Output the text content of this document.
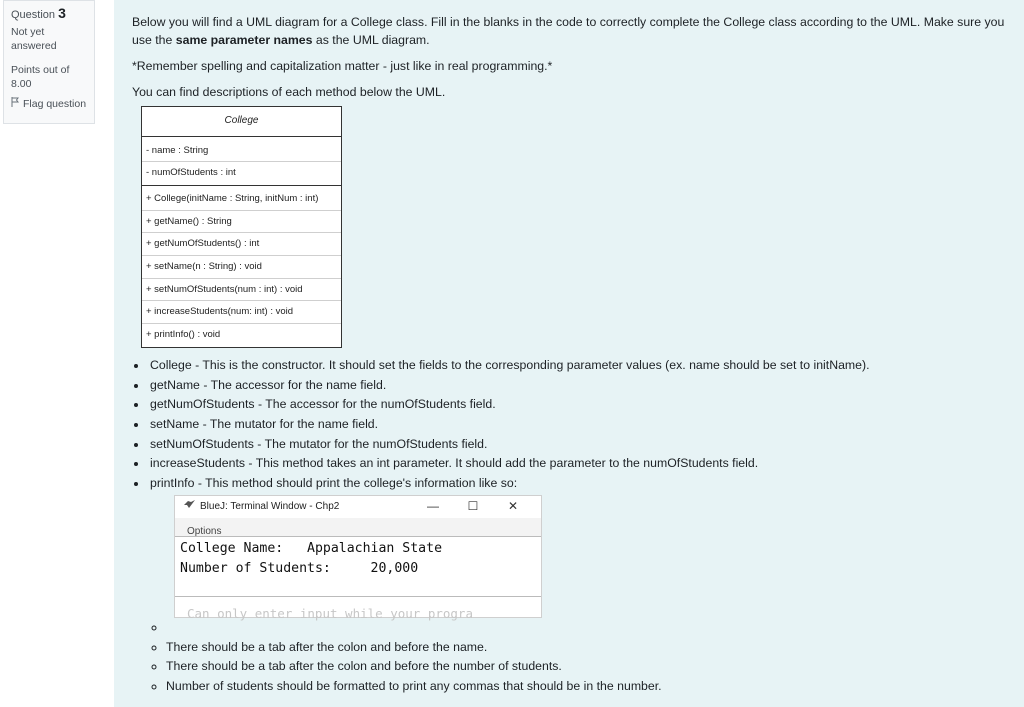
Question 3
Not yet answered
Points out of
8.00
Flag question

Below you will find a UML diagram for a College class. Fill in the blanks in the code to correctly complete the College class according to the UML. Make sure you use the same parameter names as the UML diagram.

*Remember spelling and capitalization matter - just like in real programming.*

You can find descriptions of each method below the UML.

College
- name : String
- numOfStudents : int
+ College(initName : String, initNum : int)
+ getName() : String
+ getNumOfStudents() : int
+ setName(n : String) : void
+ setNumOfStudents(num : int) : void
+ increaseStudents(num: int) : void
+ printInfo() : void
• College - This is the constructor. It should set the fields to the corresponding parameter values (ex. name should be set to initName).
• getName - The accessor for the name field.
• getNumOfStudents - The accessor for the numOfStudents field.
• setName - The mutator for the name field.
• setNumOfStudents - The mutator for the numOfStudents field.
• increaseStudents - This method takes an int parameter. It should add the parameter to the numOfStudents field.
• printInfo - This method should print the college's information like so:
BlueJ: Terminal Window - Chp2	—	☐	✕
Options
College Name:   Appalachian State
Number of Students:     20,000
Can only enter input while your progra
◦
◦ There should be a tab after the colon and before the name.
◦ There should be a tab after the colon and before the number of students.
◦ Number of students should be formatted to print any commas that should be in the number.
